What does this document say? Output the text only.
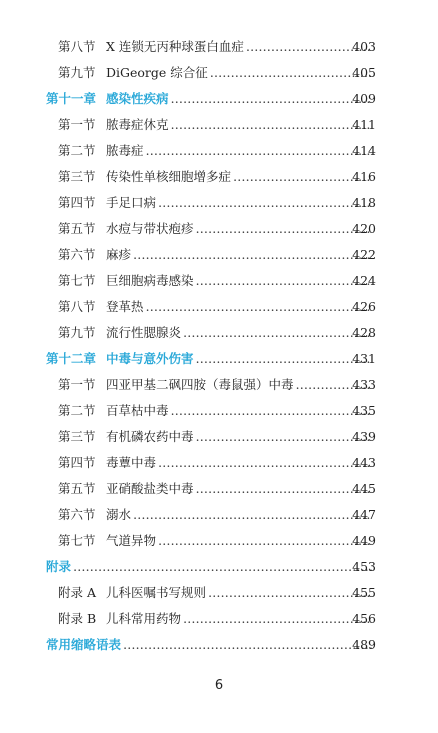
第八节 X 连锁无丙种球蛋白血症 ……………………………………………………………………………………………………	403
第九节 DiGeorge 综合征 ……………………………………………………………………………………………………	405
第十一章 感染性疾病 ……………………………………………………………………………………………………	409
第一节 脓毒症休克 ……………………………………………………………………………………………………	411
第二节 脓毒症 ……………………………………………………………………………………………………	414
第三节 传染性单核细胞增多症 ……………………………………………………………………………………………………	416
第四节 手足口病 ……………………………………………………………………………………………………	418
第五节 水痘与带状疱疹 ……………………………………………………………………………………………………	420
第六节 麻疹 ……………………………………………………………………………………………………	422
第七节 巨细胞病毒感染 ……………………………………………………………………………………………………	424
第八节 登革热 ……………………………………………………………………………………………………	426
第九节 流行性腮腺炎 ……………………………………………………………………………………………………	428
第十二章 中毒与意外伤害 ……………………………………………………………………………………………………	431
第一节 四亚甲基二砜四胺（毒鼠强）中毒 ……………………………………………………………………………………………………	433
第二节 百草枯中毒 ……………………………………………………………………………………………………	435
第三节 有机磷农药中毒 ……………………………………………………………………………………………………	439
第四节 毒蕈中毒 ……………………………………………………………………………………………………	443
第五节 亚硝酸盐类中毒 ……………………………………………………………………………………………………	445
第六节 溺水 ……………………………………………………………………………………………………	447
第七节 气道异物 ……………………………………………………………………………………………………	449
附录 ……………………………………………………………………………………………………	453
附录 A 儿科医嘱书写规则 ……………………………………………………………………………………………………	455
附录 B 儿科常用药物 ……………………………………………………………………………………………………	456
常用缩略语表 ……………………………………………………………………………………………………	489
6
